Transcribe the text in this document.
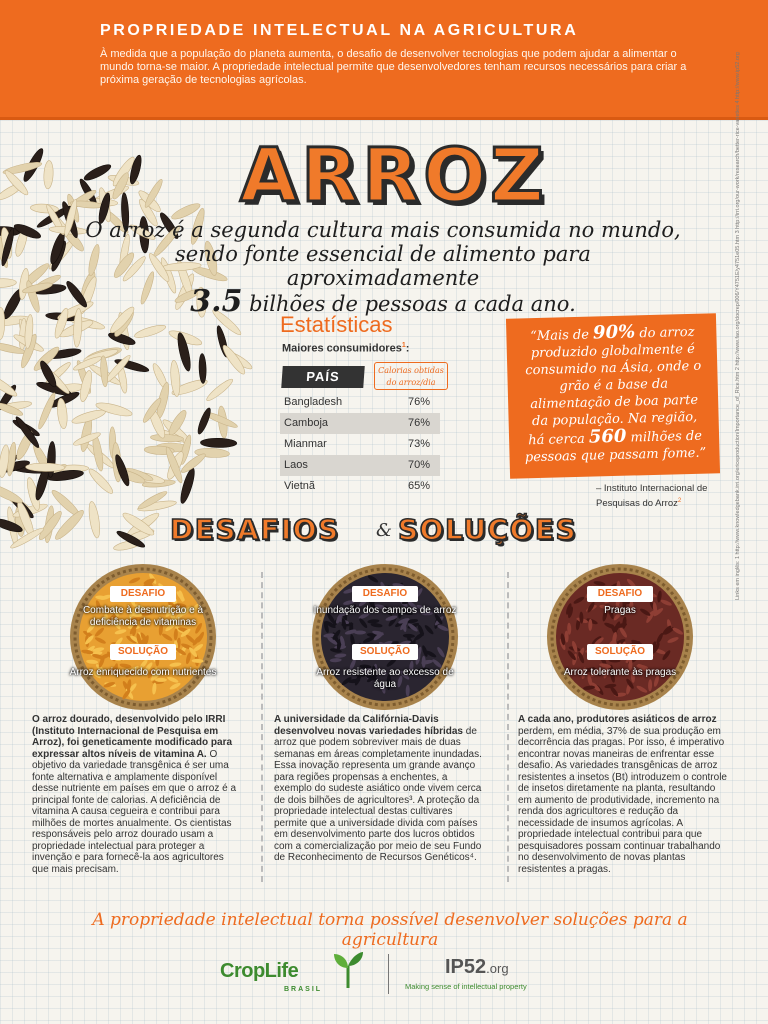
PROPRIEDADE INTELECTUAL NA AGRICULTURA

À medida que a população do planeta aumenta, o desafio de desenvolver tecnologias que podem ajudar a alimentar o mundo torna-se maior. A propriedade intelectual permite que desenvolvedores tenham recursos necessários para criar a próxima geração de tecnologias agrícolas.

ARROZ
O arroz é a segunda cultura mais consumida no mundo,
sendo fonte essencial de alimento para aproximadamente
3.5 bilhões de pessoas a cada ano.
Estatísticas
Maiores consumidores$^1$:
PAÍS	Calorias obtidas do arroz/dia
Bangladesh	76%
Camboja	76%
Mianmar	73%
Laos	70%
Vietnã	65%

“Mais de 90% do arroz produzido globalmente é consumido na Ásia, onde o grão é a base da alimentação de boa parte da população. Na região, há cerca 560 milhões de pessoas que passam fome.”

– Instituto Internacional de Pesquisas do Arroz$^2$	Links em inglês: 1 http://www.knowledgebank.irri.org/ericeproduction/Importance_of_Rice.htm 2 http://www.fao.org/docrep/006/Y4751E/y4751e05.htm 3 http://irri.org/our-work/research/better-rice-varieties 4 http://www.ip52.org
DESAFIOS & SOLUÇÕES
DESAFIO
Combate à desnutrição e à deficiência de vitaminas
SOLUÇÃO
Arroz enriquecido com nutrientes
DESAFIO
Inundação dos campos de arroz
SOLUÇÃO
Arroz resistente ao excesso de água
DESAFIO
Pragas
SOLUÇÃO
Arroz tolerante às pragas
O arroz dourado, desenvolvido pelo IRRI (Instituto Internacional de Pesquisa em Arroz), foi geneticamente modificado para expressar altos níveis de vitamina A. O objetivo da variedade transgênica é ser uma fonte alternativa e amplamente disponível desse nutriente em países em que o arroz é a principal fonte de calorias. A deficiência de vitamina A causa cegueira e contribui para milhões de mortes anualmente. Os cientistas responsáveis pelo arroz dourado usam a propriedade intelectual para proteger a invenção e para fornecê-la aos agricultores que mais precisam.
A universidade da Califórnia-Davis desenvolveu novas variedades híbridas de arroz que podem sobreviver mais de duas semanas em áreas completamente inundadas. Essa inovação representa um grande avanço para regiões propensas a enchentes, a exemplo do sudeste asiático onde vivem cerca de dois bilhões de agricultores³. A proteção da propriedade intelectual destas cultivares permite que a universidade divida com países em desenvolvimento parte dos lucros obtidos com a comercialização por meio de seu Fundo de Reconhecimento de Recursos Genéticos⁴.
A cada ano, produtores asiáticos de arroz perdem, em média, 37% de sua produção em decorrência das pragas. Por isso, é imperativo encontrar novas maneiras de enfrentar esse desafio. As variedades transgênicas de arroz resistentes a insetos (Bt) introduzem o controle de insetos diretamente na planta, resultando em aumento de produtividade, incremento na renda dos agricultores e redução da necessidade de insumos agrícolas. A propriedade intelectual contribui para que pesquisadores possam continuar trabalhando no desenvolvimento de novas plantas resistentes a pragas.
A propriedade intelectual torna possível desenvolver soluções para a agricultura
CropLife
BRASIL
IP52.org
Making sense of intellectual property
